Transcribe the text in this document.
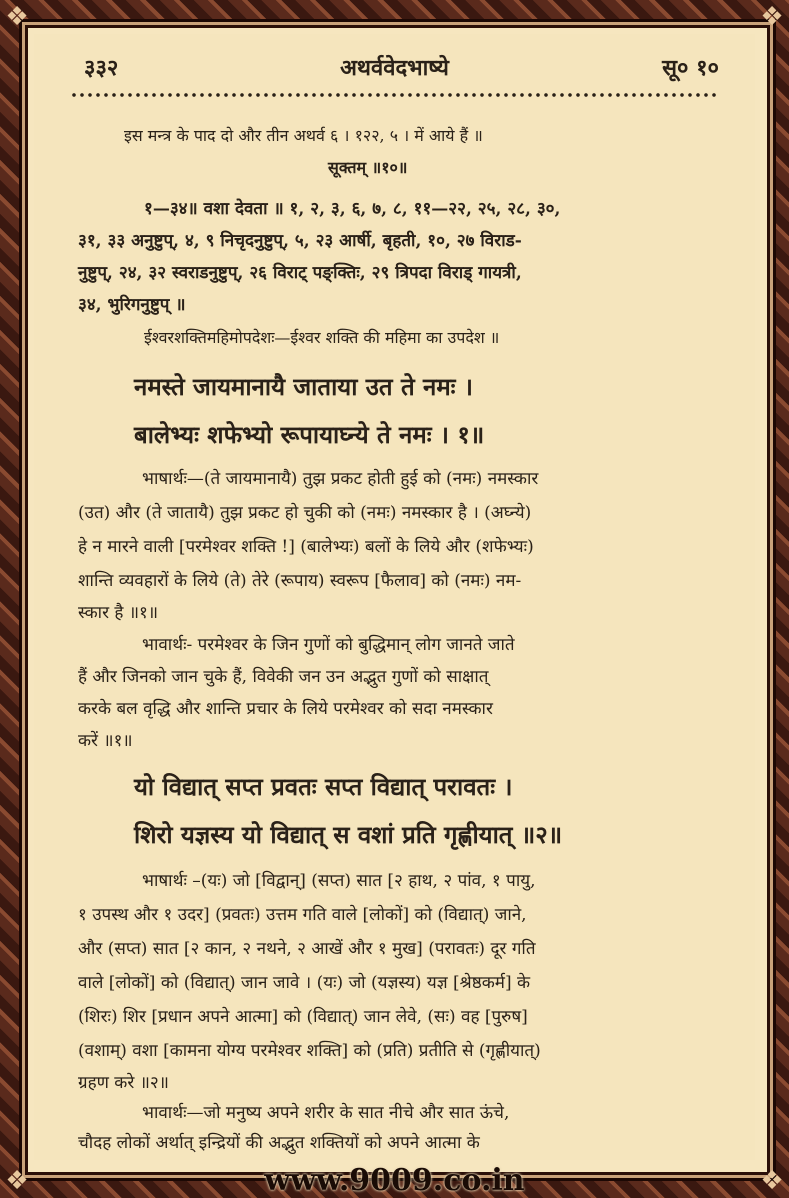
❖	❖
❖	❖
३३२	अथर्ववेदभाष्ये	सू० १०
इस मन्त्र के पाद दो और तीन अथर्व ६ । १२२, ५ । में आये हैं ॥
सूक्तम् ॥१०॥
१—३४॥ वशा देवता ॥ १, २, ३, ६, ७, ८, ११—२२, २५, २८, ३०,
३१, ३३ अनुष्टुप्, ४, ९ निचृदनुष्टुप्, ५, २३ आर्षी, बृहती, १०, २७ विराड-
नुष्टुप्, २४, ३२ स्वराडनुष्टुप्, २६ विराट् पङ्क्तिः, २९ त्रिपदा विराड् गायत्री,
३४, भुरिगनुष्टुप् ॥
ईश्वरशक्तिमहिमोपदेशः—ईश्वर शक्ति की महिमा का उपदेश ॥
नमस्ते जायमानायै जाताया उत ते नमः ।
बालेभ्यः शफेभ्यो रूपायाघ्न्ये ते नमः । १॥
भाषार्थः—(ते जायमानायै) तुझ प्रकट होती हुई को (नमः) नमस्कार
(उत) और (ते जातायै) तुझ प्रकट हो चुकी को (नमः) नमस्कार है । (अघ्न्ये)
हे न मारने वाली [परमेश्वर शक्ति !] (बालेभ्यः) बलों के लिये और (शफेभ्यः)
शान्ति व्यवहारों के लिये (ते) तेरे (रूपाय) स्वरूप [फैलाव] को (नमः) नम-
स्कार है ॥१॥
भावार्थः- परमेश्वर के जिन गुणों को बुद्धिमान् लोग जानते जाते
हैं और जिनको जान चुके हैं, विवेकी जन उन अद्भुत गुणों को साक्षात्
करके बल वृद्धि और शान्ति प्रचार के लिये परमेश्वर को सदा नमस्कार
करें ॥१॥
यो विद्यात् सप्त प्रवतः सप्त विद्यात् परावतः ।
शिरो यज्ञस्य यो विद्यात् स वशां प्रति गृह्णीयात् ॥२॥
भाषार्थः –(यः) जो [विद्वान्] (सप्त) सात [२ हाथ, २ पांव, १ पायु,
१ उपस्थ और १ उदर] (प्रवतः) उत्तम गति वाले [लोकों] को (विद्यात्) जाने,
और (सप्त) सात [२ कान, २ नथने, २ आखें और १ मुख] (परावतः) दूर गति
वाले [लोकों] को (विद्यात्) जान जावे । (यः) जो (यज्ञस्य) यज्ञ [श्रेष्ठकर्म] के
(शिरः) शिर [प्रधान अपने आत्मा] को (विद्यात्) जान लेवे, (सः) वह [पुरुष]
(वशाम्) वशा [कामना योग्य परमेश्वर शक्ति] को (प्रति) प्रतीति से (गृह्णीयात्)
ग्रहण करे ॥२॥
भावार्थः—जो मनुष्य अपने शरीर के सात नीचे और सात ऊंचे,
चौदह लोकों अर्थात् इन्द्रियों की अद्भुत शक्तियों को अपने आत्मा के
www.9009.co.in
